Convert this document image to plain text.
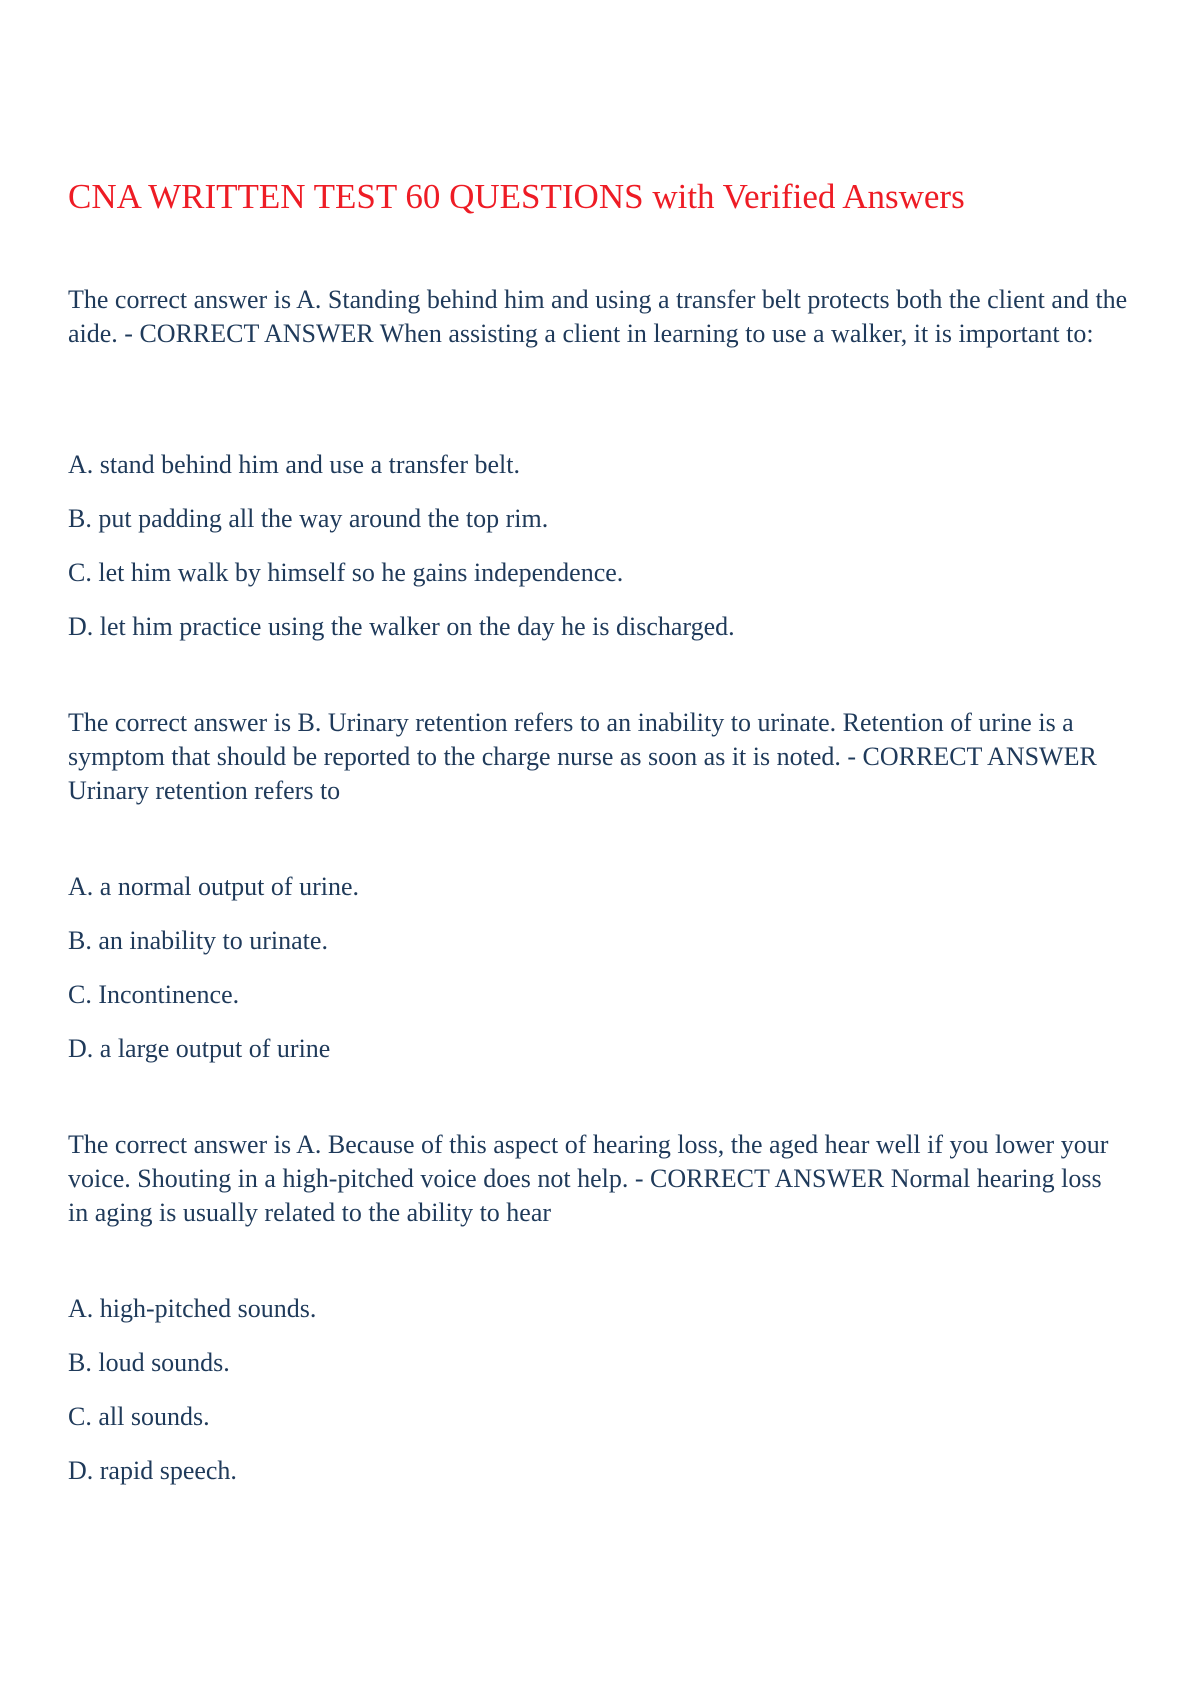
CNA WRITTEN TEST 60 QUESTIONS with Verified Answers

The correct answer is A. Standing behind him and using a transfer belt protects both the client and the aide. - CORRECT ANSWER When assisting a client in learning to use a walker, it is important to:

A. stand behind him and use a transfer belt.
B. put padding all the way around the top rim.
C. let him walk by himself so he gains independence.
D. let him practice using the walker on the day he is discharged.

The correct answer is B. Urinary retention refers to an inability to urinate. Retention of urine is a symptom that should be reported to the charge nurse as soon as it is noted. - CORRECT ANSWER Urinary retention refers to

A. a normal output of urine.
B. an inability to urinate.
C. Incontinence.
D. a large output of urine

The correct answer is A. Because of this aspect of hearing loss, the aged hear well if you lower your voice. Shouting in a high-pitched voice does not help. - CORRECT ANSWER Normal hearing loss in aging is usually related to the ability to hear

A. high-pitched sounds.
B. loud sounds.
C. all sounds.
D. rapid speech.
